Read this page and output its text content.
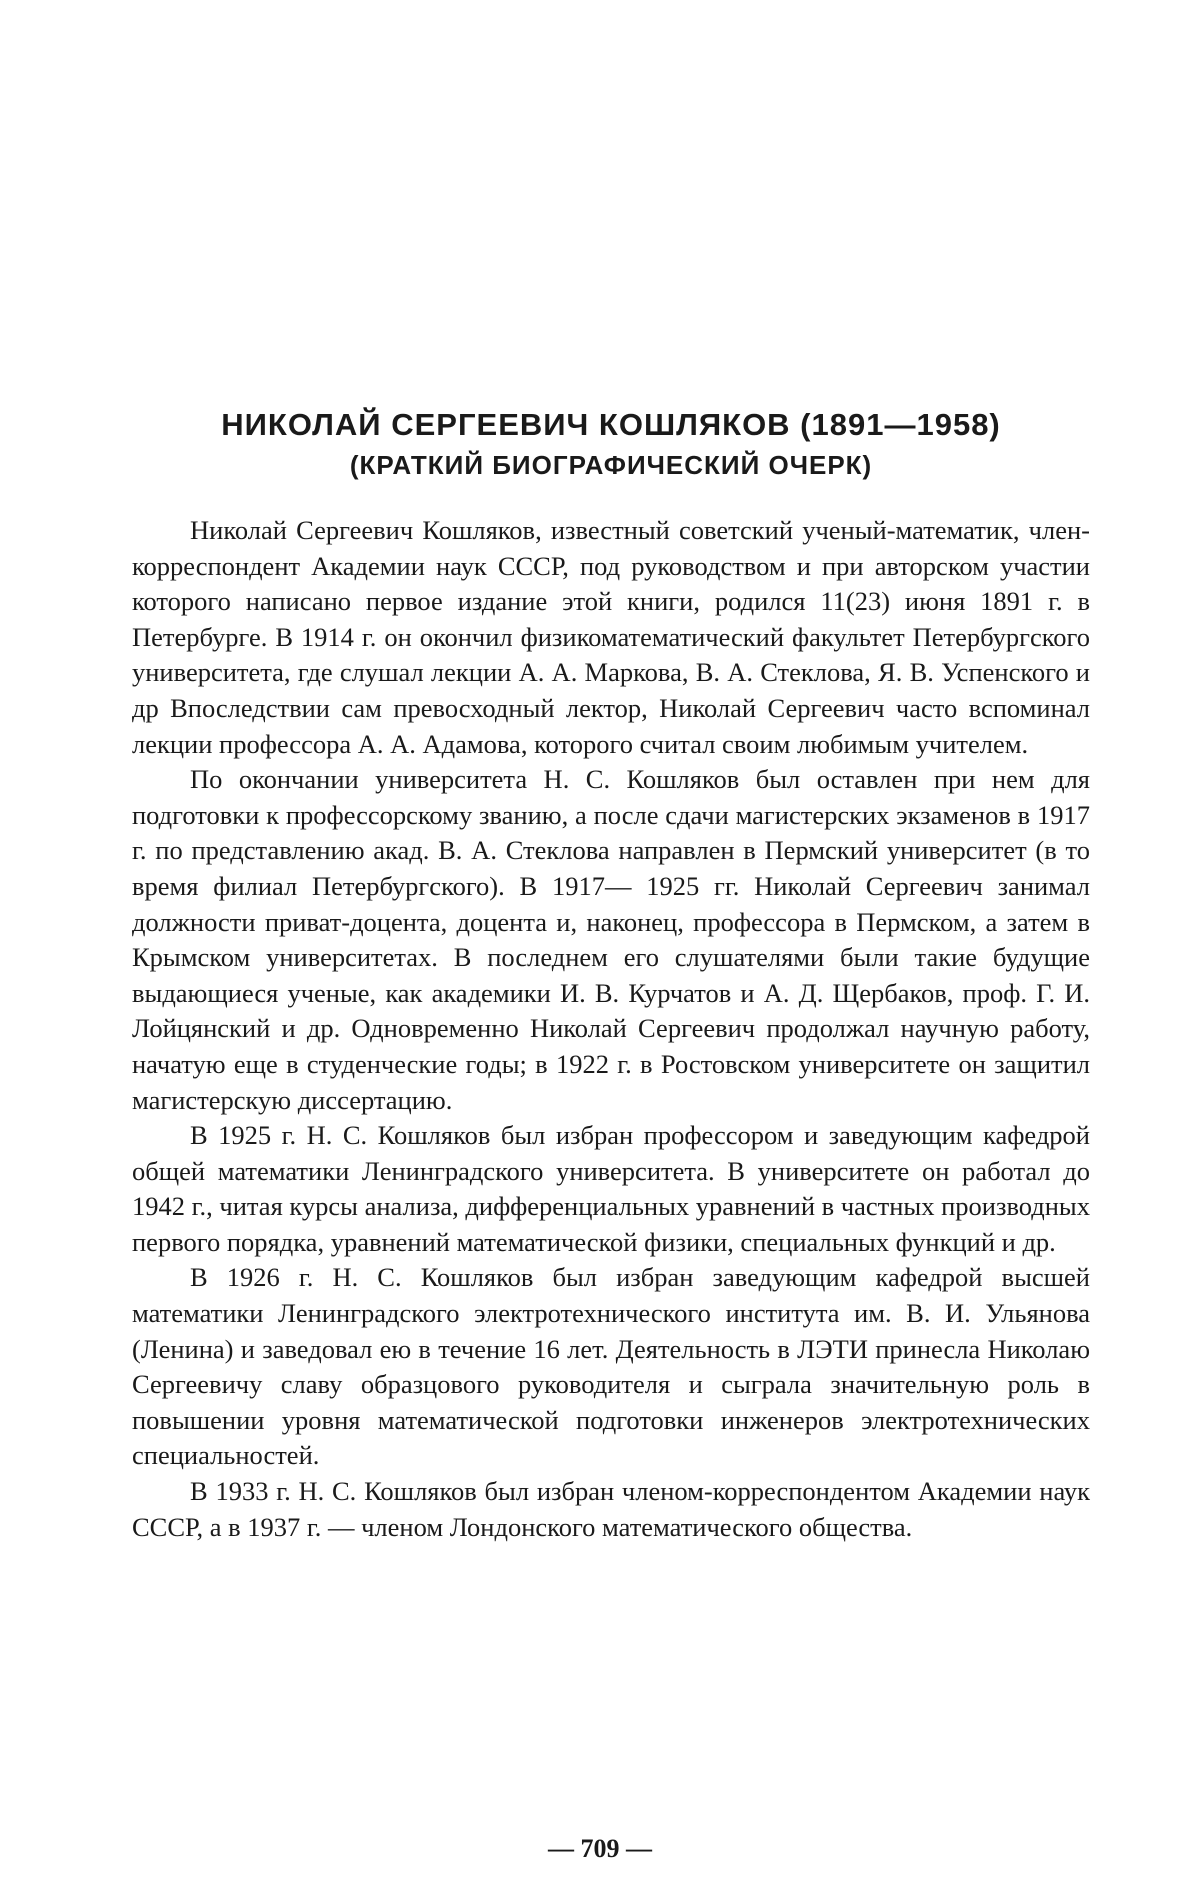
НИКОЛАЙ СЕРГЕЕВИЧ КОШЛЯКОВ (1891—1958)
(КРАТКИЙ БИОГРАФИЧЕСКИЙ ОЧЕРК)

Николай Сергеевич Кошляков, известный советский ученый-математик, член-корреспондент Академии наук СССР, под руководством и при авторском участии которого написано первое издание этой книги, родился 11(23) июня 1891 г. в Петербурге. В 1914 г. он окончил физикоматематический факультет Петербургского университета, где слушал лекции А. А. Маркова, В. А. Стеклова, Я. В. Успенского и др Впоследствии сам превосходный лектор, Николай Сергеевич часто вспоминал лекции профессора А. А. Адамова, которого считал своим любимым учителем.

По окончании университета Н. С. Кошляков был оставлен при нем для подготовки к профессорскому званию, а после сдачи магистерских экзаменов в 1917 г. по представлению акад. В. А. Стеклова направлен в Пермский университет (в то время филиал Петербургского). В 1917— 1925 гг. Николай Сергеевич занимал должности приват-доцента, доцента и, наконец, профессора в Пермском, а затем в Крымском университетах. В последнем его слушателями были такие будущие выдающиеся ученые, как академики И. В. Курчатов и А. Д. Щербаков, проф. Г. И. Лойцянский и др. Одновременно Николай Сергеевич продолжал научную работу, начатую еще в студенческие годы; в 1922 г. в Ростовском университете он защитил магистерскую диссертацию.

В 1925 г. Н. С. Кошляков был избран профессором и заведующим кафедрой общей математики Ленинградского университета. В университете он работал до 1942 г., читая курсы анализа, дифференциальных уравнений в частных производных первого порядка, уравнений математической физики, специальных функций и др.

В 1926 г. Н. С. Кошляков был избран заведующим кафедрой высшей математики Ленинградского электротехнического института им. В. И. Ульянова (Ленина) и заведовал ею в течение 16 лет. Деятельность в ЛЭТИ принесла Николаю Сергеевичу славу образцового руководителя и сыграла значительную роль в повышении уровня математической подготовки инженеров электротехнических специальностей.

В 1933 г. Н. С. Кошляков был избран членом-корреспондентом Академии наук СССР, а в 1937 г. — членом Лондонского математического общества.

— 709 —
